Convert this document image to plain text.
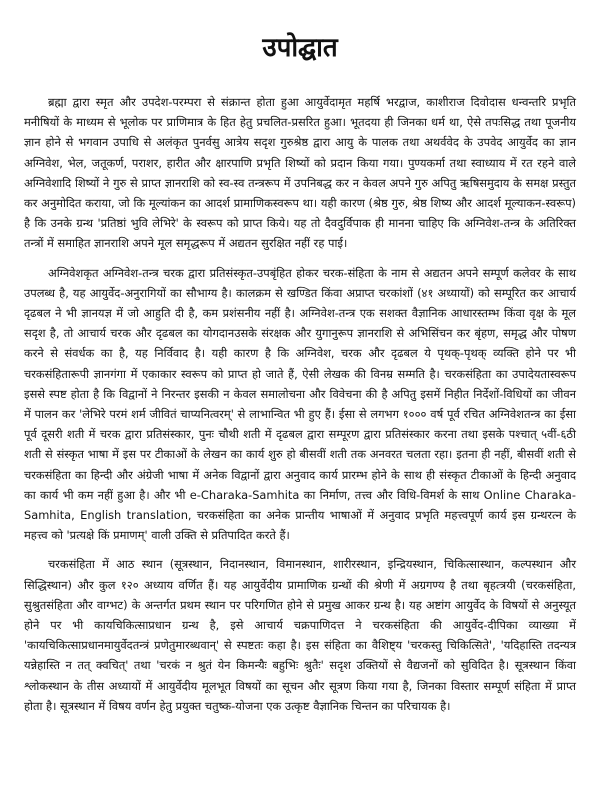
उपोद्घात

ब्रह्मा द्वारा स्मृत और उपदेश-परम्परा से संक्रान्त होता हुआ आयुर्वेदामृत महर्षि भरद्वाज, काशीराज दिवोदास धन्वन्तरि प्रभृति मनीषियों के माध्यम से भूलोक पर प्राणिमात्र के हित हेतु प्रचलित-प्रसरित हुआ। भूतदया ही जिनका धर्म था, ऐसे तपःसिद्ध तथा पूजनीय ज्ञान होने से भगवान उपाधि से अलंकृत पुनर्वसु आत्रेय सदृश गुरुश्रेष्ठ द्वारा आयु के पालक तथा अथर्ववेद के उपवेद आयुर्वेद का ज्ञान अग्निवेश, भेल, जतूकर्ण, पराशर, हारीत और क्षारपाणि प्रभृति शिष्यों को प्रदान किया गया। पुण्यकर्मा तथा स्वाध्याय में रत रहने वाले अग्निवेशादि शिष्यों ने गुरु से प्राप्त ज्ञानराशि को स्व-स्व तन्त्ररूप में उपनिबद्ध कर न केवल अपने गुरु अपितु ऋषिसमुदाय के समक्ष प्रस्तुत कर अनुमोदित कराया, जो कि मूल्यांकन का आदर्श प्रामाणिकस्वरूप था। यही कारण (श्रेष्ठ गुरु, श्रेष्ठ शिष्य और आदर्श मूल्याकन-स्वरूप) है कि उनके ग्रन्थ 'प्रतिष्ठां भुवि लेभिरे' के स्वरूप को प्राप्त किये। यह तो दैवदुर्विपाक ही मानना चाहिए कि अग्निवेश-तन्त्र के अतिरिक्त तन्त्रों में समाहित ज्ञानराशि अपने मूल समृद्धरूप में अद्यतन सुरक्षित नहीं रह पाई।

अग्निवेशकृत अग्निवेश-तन्त्र चरक द्वारा प्रतिसंस्कृत-उपबृंहित होकर चरक-संहिता के नाम से अद्यतन अपने सम्पूर्ण कलेवर के साथ उपलब्ध है, यह आयुर्वेद-अनुरागियों का सौभाग्य है। कालक्रम से खण्डित किंवा अप्राप्त चरकांशों (४१ अध्यायों) को सम्पूरित कर आचार्य दृढबल ने भी ज्ञानयज्ञ में जो आहुति दी है, कम प्रशंसनीय नहीं है। अग्निवेश-तन्त्र एक सशक्त वैज्ञानिक आधारस्तम्भ किंवा वृक्ष के मूल सदृश है, तो आचार्य चरक और दृढबल का योगदानउसके संरक्षक और युगानुरूप ज्ञानराशि से अभिसिंचन कर बृंहण, समृद्ध और पोषण करने से संवर्धक का है, यह निर्विवाद है। यही कारण है कि अग्निवेश, चरक और दृढबल ये पृथक्-पृथक् व्यक्ति होने पर भी चरकसंहितारूपी ज्ञानगंगा में एकाकार स्वरूप को प्राप्त हो जाते हैं, ऐसी लेखक की विनम्र सम्मति है। चरकसंहिता का उपादेयतास्वरूप इससे स्पष्ट होता है कि विद्वानों ने निरन्तर इसकी न केवल समालोचना और विवेचना की है अपितु इसमें निहीत निर्देशों-विधियों का जीवन में पालन कर 'लेभिरे परमं शर्म जीवितं चाप्यनित्वरम्' से लाभान्वित भी हुए हैं। ईसा से लगभग १००० वर्ष पूर्व रचित अग्निवेशतन्त्र का ईसा पूर्व दूसरी शती में चरक द्वारा प्रतिसंस्कार, पुनः चौथी शती में दृढबल द्वारा सम्पूरण द्वारा प्रतिसंस्कार करना तथा इसके पश्चात् ५वीं-६ठी शती से संस्कृत भाषा में इस पर टीकाओं के लेखन का कार्य शुरु हो बीसवीं शती तक अनवरत चलता रहा। इतना ही नहीं, बीसवीं शती से चरकसंहिता का हिन्दी और अंग्रेजी भाषा में अनेक विद्वानों द्वारा अनुवाद कार्य प्रारम्भ होने के साथ ही संस्कृत टीकाओं के हिन्दी अनुवाद का कार्य भी कम नहीं हुआ है। और भी e-Charaka-Samhita का निर्माण, तत्त्व और विधि-विमर्श के साथ Online Charaka-Samhita, English translation, चरकसंहिता का अनेक प्रान्तीय भाषाओं में अनुवाद प्रभृति महत्त्वपूर्ण कार्य इस ग्रन्थरत्न के महत्त्व को 'प्रत्यक्षे किं प्रमाणम्' वाली उक्ति से प्रतिपादित करते हैं।

चरकसंहिता में आठ स्थान (सूत्रस्थान, निदानस्थान, विमानस्थान, शारीरस्थान, इन्द्रियस्थान, चिकित्सास्थान, कल्पस्थान और सिद्धिस्थान) और कुल १२० अध्याय वर्णित हैं। यह आयुर्वेदीय प्रामाणिक ग्रन्थों की श्रेणी में अग्रगण्य है तथा बृहत्त्रयी (चरकसंहिता, सुश्रुतसंहिता और वाग्भट) के अन्तर्गत प्रथम स्थान पर परिगणित होने से प्रमुख आकर ग्रन्थ है। यह अष्टांग आयुर्वेद के विषयों से अनुस्यूत होने पर भी कायचिकित्साप्रधान ग्रन्थ है, इसे आचार्य चक्रपाणिदत्त ने चरकसंहिता की आयुर्वेद-दीपिका व्याख्या में 'कायचिकित्साप्रधानमायुर्वेदतन्त्रं प्रणेतुमारब्धवान्' से स्पष्टतः कहा है। इस संहिता का वैशिष्ट्य 'चरकस्तु चिकित्सिते', 'यदिहास्ति तदन्यत्र यन्नेहास्ति न तत् क्वचित्' तथा 'चरकं न श्रुतं येन किमन्यैः बहुभिः श्रुतैः' सदृश उक्तियों से वैद्यजनों को सुविदित है। सूत्रस्थान किंवा श्लोकस्थान के तीस अध्यायों में आयुर्वेदीय मूलभूत विषयों का सूचन और सूत्रण किया गया है, जिनका विस्तार सम्पूर्ण संहिता में प्राप्त होता है। सूत्रस्थान में विषय वर्णन हेतु प्रयुक्त चतुष्क-योजना एक उत्कृष्ट वैज्ञानिक चिन्तन का परिचायक है।
